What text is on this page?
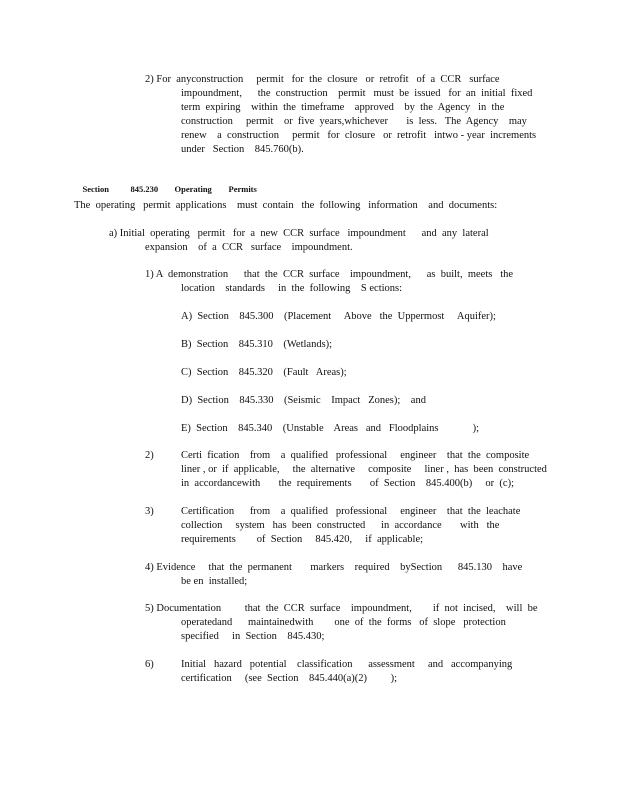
2) For  anyconstruction     permit   for  the  closure   or  retrofit   of  a  CCR   surface
impoundment,      the  construction    permit   must  be  issued   for  an  initial  fixed
term  expiring    within  the  timeframe    approved    by  the  Agency   in  the
construction     permit    or  five  years,whichever       is  less.   The  Agency    may
renew    a  construction     permit   for  closure   or  retrofit   intwo - year  increments
under   Section    845.760(b).

Section	845.230 Operating Permits

The  operating   permit  applications    must  contain   the  following   information    and  documents:
a) Initial  operating   permit   for  a  new  CCR  surface   impoundment      and  any  lateral
expansion    of  a  CCR   surface    impoundment.
1) A  demonstration      that  the  CCR  surface    impoundment,      as  built,  meets   the
location    standards     in  the  following    S ections:
A)  Section    845.300    (Placement     Above   the  Uppermost     Aquifer);
B)  Section    845.310    (Wetlands);
C)  Section    845.320    (Fault   Areas);
D)  Section    845.330    (Seismic    Impact   Zones);    and
E)  Section    845.340    (Unstable    Areas   and   Floodplains             );
2)	Certi  fication    from    a  qualified   professional     engineer    that  the  composite
liner , or  if  applicable,     the  alternative     composite     liner ,  has  been  constructed
in  accordancewith       the  requirements       of  Section    845.400(b)     or  (c);
3)	Certification      from    a  qualified   professional     engineer    that  the  leachate
collection     system   has  been  constructed      in  accordance       with   the
requirements        of  Section     845.420,     if  applicable;
4) Evidence     that  the  permanent       markers    required    bySection      845.130    have
be en  installed;
5) Documentation         that  the  CCR  surface    impoundment,        if  not  incised,    will  be
operatedand      maintainedwith        one  of  the  forms   of  slope   protection
specified     in  Section    845.430;
6)	Initial   hazard   potential    classification      assessment     and   accompanying
certification     (see  Section    845.440(a)(2)         );
